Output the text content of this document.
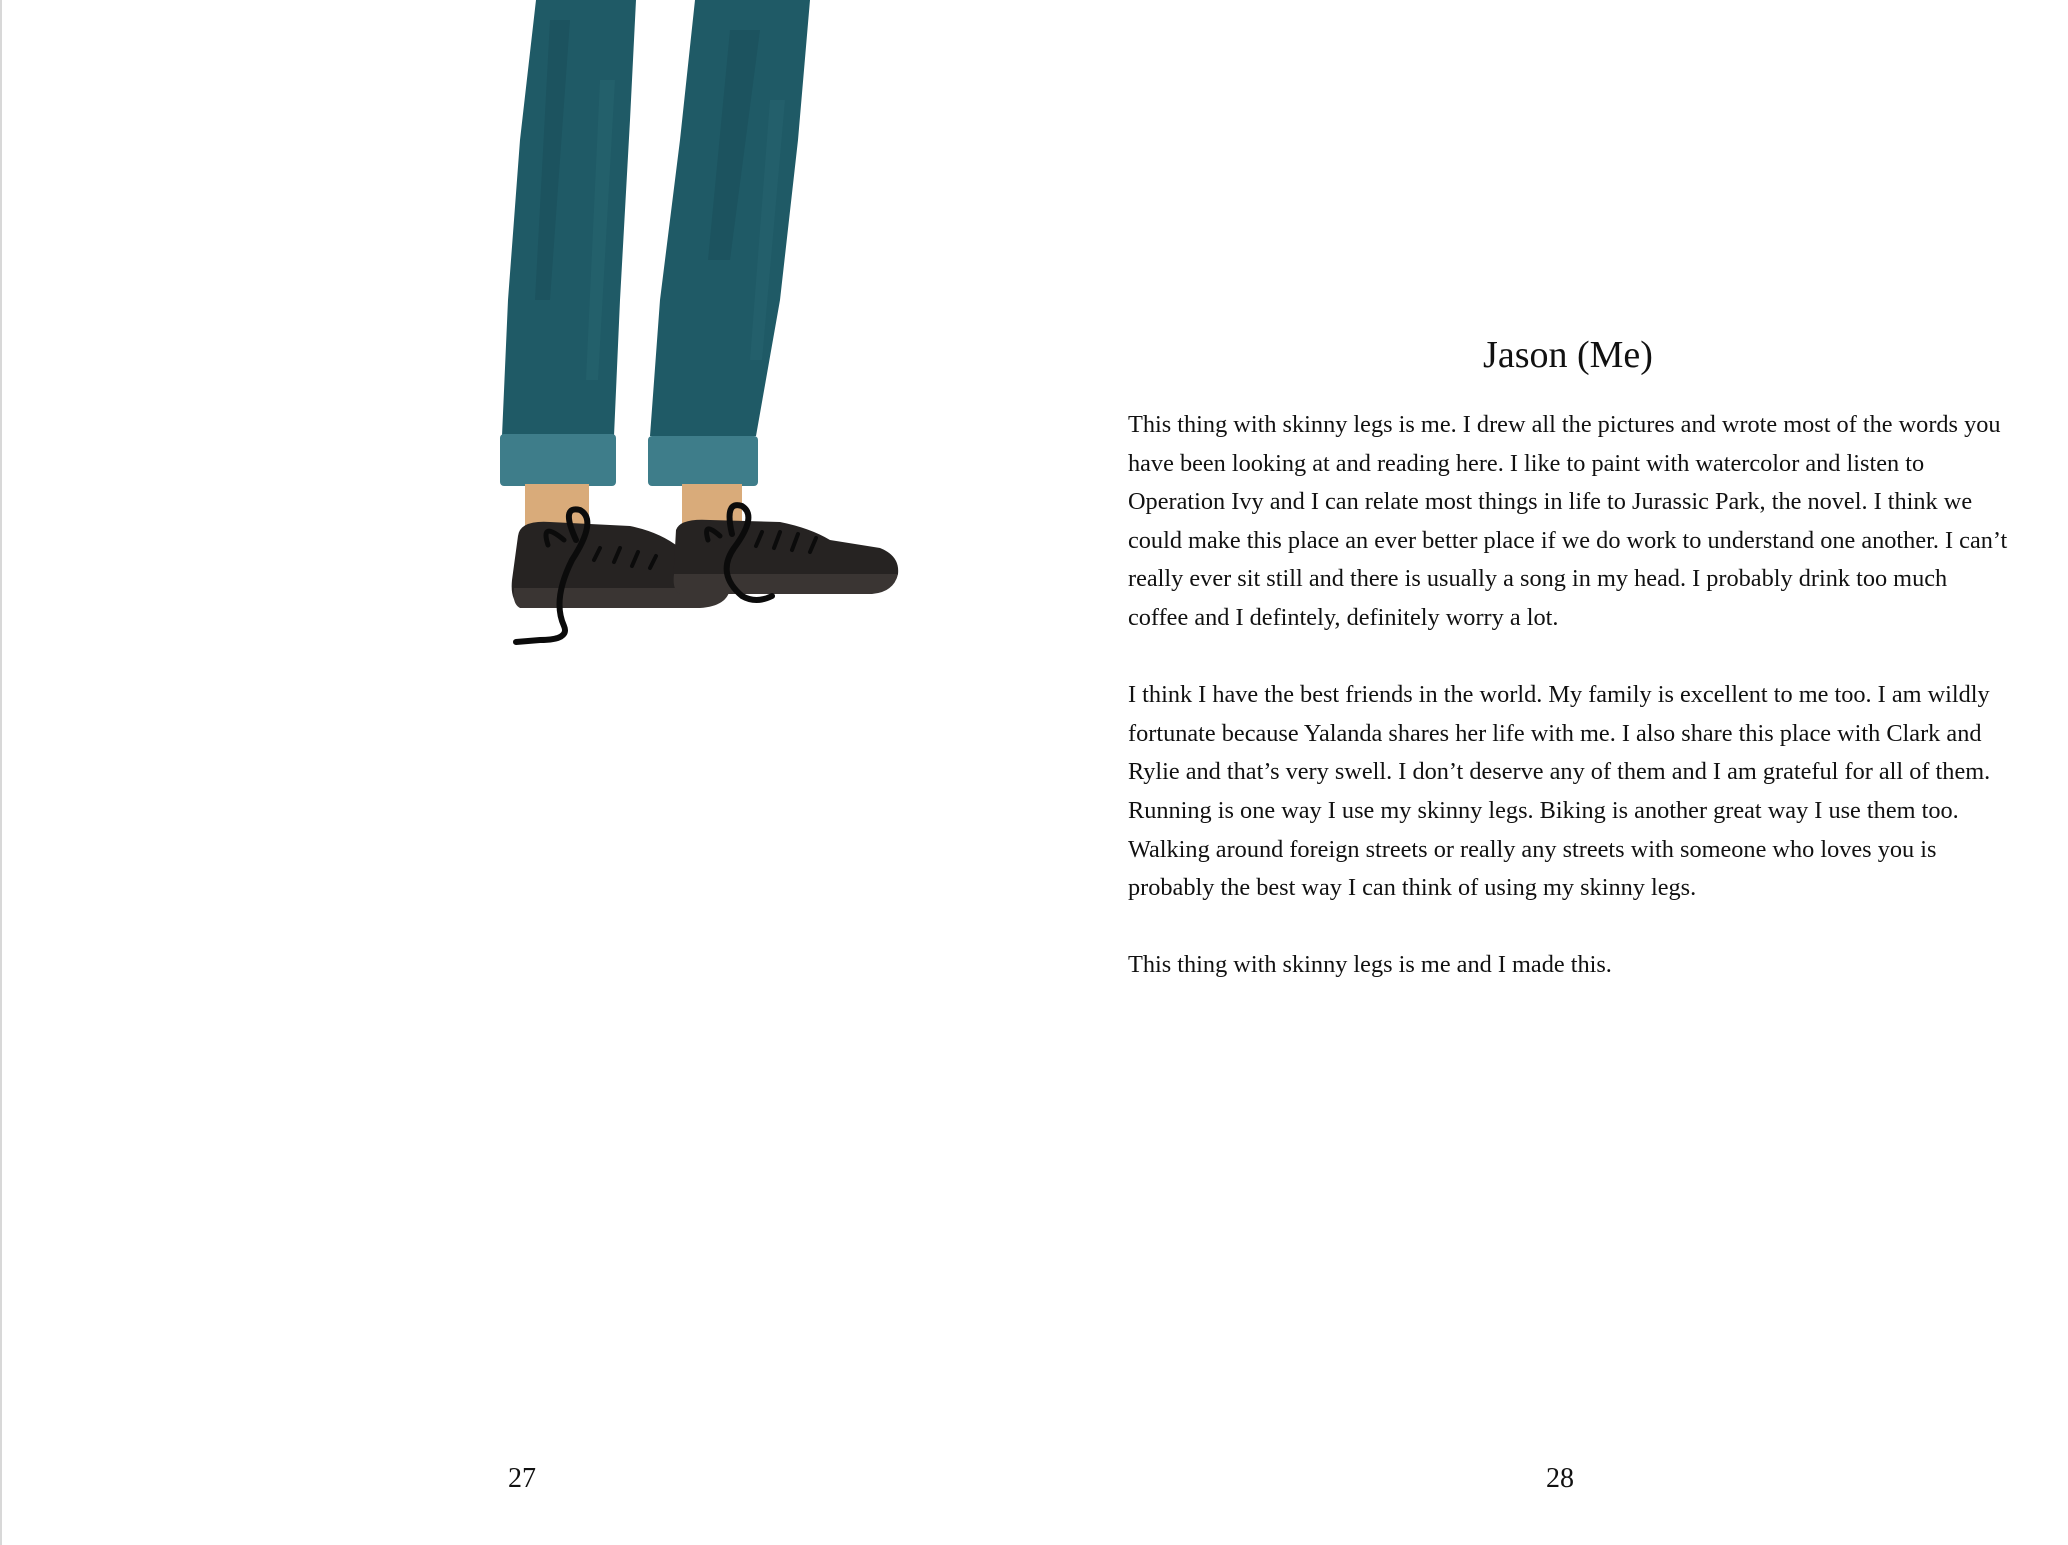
27
Jason (Me)

This thing with skinny legs is me. I drew all the pictures and wrote most of the words you have been looking at and reading here. I like to paint with watercolor and listen to Operation Ivy and I can relate most things in life to Jurassic Park, the novel. I think we could make this place an ever better place if we do work to understand one another. I can’t really ever sit still and there is usually a song in my head. I probably drink too much coffee and I defintely, definitely worry a lot.

I think I have the best friends in the world. My family is excellent to me too. I am wildly fortunate because Yalanda shares her life with me. I also share this place with Clark and Rylie and that’s very swell. I don’t deserve any of them and I am grateful for all of them. Running is one way I use my skinny legs. Biking is another great way I use them too. Walking around foreign streets or really any streets with someone who loves you is probably the best way I can think of using my skinny legs.

This thing with skinny legs is me and I made this.

28
